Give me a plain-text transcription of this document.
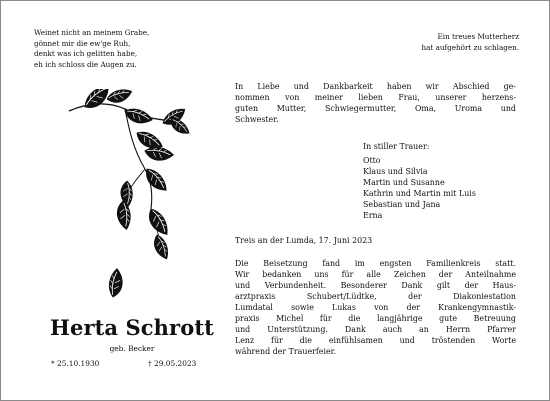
Weinet nicht an meinem Grabe,
gönnet mir die ew'ge Ruh,
denkt was ich gelitten habe,
eh ich schloss die Augen zu.
Ein treues Mutterherz
hat aufgehört zu schlagen.
Herta Schrott
geb. Becker
* 25.10.1930	† 29.05.2023
In Liebe und Dankbarkeit haben wir Abschied ge-
nommen von meiner lieben Frau, unserer herzens-
guten Mutter, Schwiegermutter, Oma, Uroma und
Schwester.
In stiller Trauer:
Otto
Klaus und Silvia
Martin und Susanne
Kathrin und Martin mit Luis
Sebastian und Jana
Erna
Treis an der Lumda, 17. Juni 2023
Die Beisetzung fand im engsten Familienkreis statt.
Wir bedanken uns für alle Zeichen der Anteilnahme
und Verbundenheit. Besonderer Dank gilt der Haus-
arztpraxis Schubert/Lüdtke, der Diakoniestation
Lumdatal sowie Lukas von der Krankengymnastik-
praxis Michel für die langjährige gute Betreuung
und Unterstützung. Dank auch an Herrn Pfarrer
Lenz für die einfühlsamen und tröstenden Worte
während der Trauerfeier.
